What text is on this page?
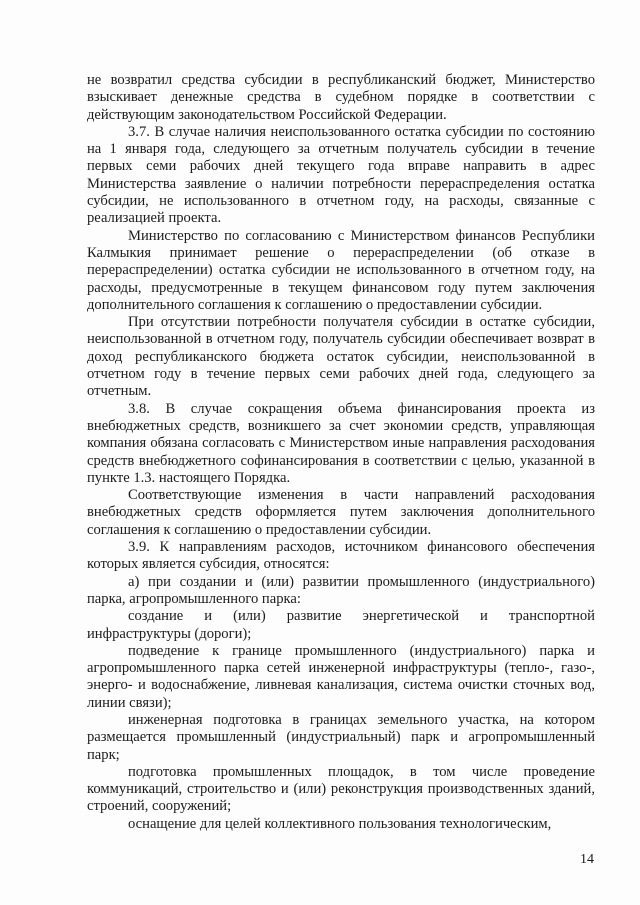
не возвратил средства субсидии в республиканский бюджет, Министерство взыскивает денежные средства в судебном порядке в соответствии с действующим законодательством Российской Федерации.

3.7. В случае наличия неиспользованного остатка субсидии по состоянию на 1 января года, следующего за отчетным получатель субсидии в течение первых семи рабочих дней текущего года вправе направить в адрес Министерства заявление о наличии потребности перераспределения остатка субсидии, не использованного в отчетном году, на расходы, связанные с реализацией проекта.

Министерство по согласованию с Министерством финансов Республики Калмыкия принимает решение о перераспределении (об отказе в перераспределении) остатка субсидии не использованного в отчетном году, на расходы, предусмотренные в текущем финансовом году путем заключения дополнительного соглашения к соглашению о предоставлении субсидии.

При отсутствии потребности получателя субсидии в остатке субсидии, неиспользованной в отчетном году, получатель субсидии обеспечивает возврат в доход республиканского бюджета остаток субсидии, неиспользованной в отчетном году в течение первых семи рабочих дней года, следующего за отчетным.

3.8. В случае сокращения объема финансирования проекта из внебюджетных средств, возникшего за счет экономии средств, управляющая компания обязана согласовать с Министерством иные направления расходования средств внебюджетного софинансирования в соответствии с целью, указанной в пункте 1.3. настоящего Порядка.

Соответствующие изменения в части направлений расходования внебюджетных средств оформляется путем заключения дополнительного соглашения к соглашению о предоставлении субсидии.

3.9. К направлениям расходов, источником финансового обеспечения которых является субсидия, относятся:

а) при создании и (или) развитии промышленного (индустриального) парка, агропромышленного парка:

создание и (или) развитие энергетической и транспортной инфраструктуры (дороги);

подведение к границе промышленного (индустриального) парка и агропромышленного парка сетей инженерной инфраструктуры (тепло-, газо-, энерго- и водоснабжение, ливневая канализация, система очистки сточных вод, линии связи);

инженерная подготовка в границах земельного участка, на котором размещается промышленный (индустриальный) парк и агропромышленный парк;

подготовка промышленных площадок, в том числе проведение коммуникаций, строительство и (или) реконструкция производственных зданий, строений, сооружений;

оснащение для целей коллективного пользования технологическим,

14
